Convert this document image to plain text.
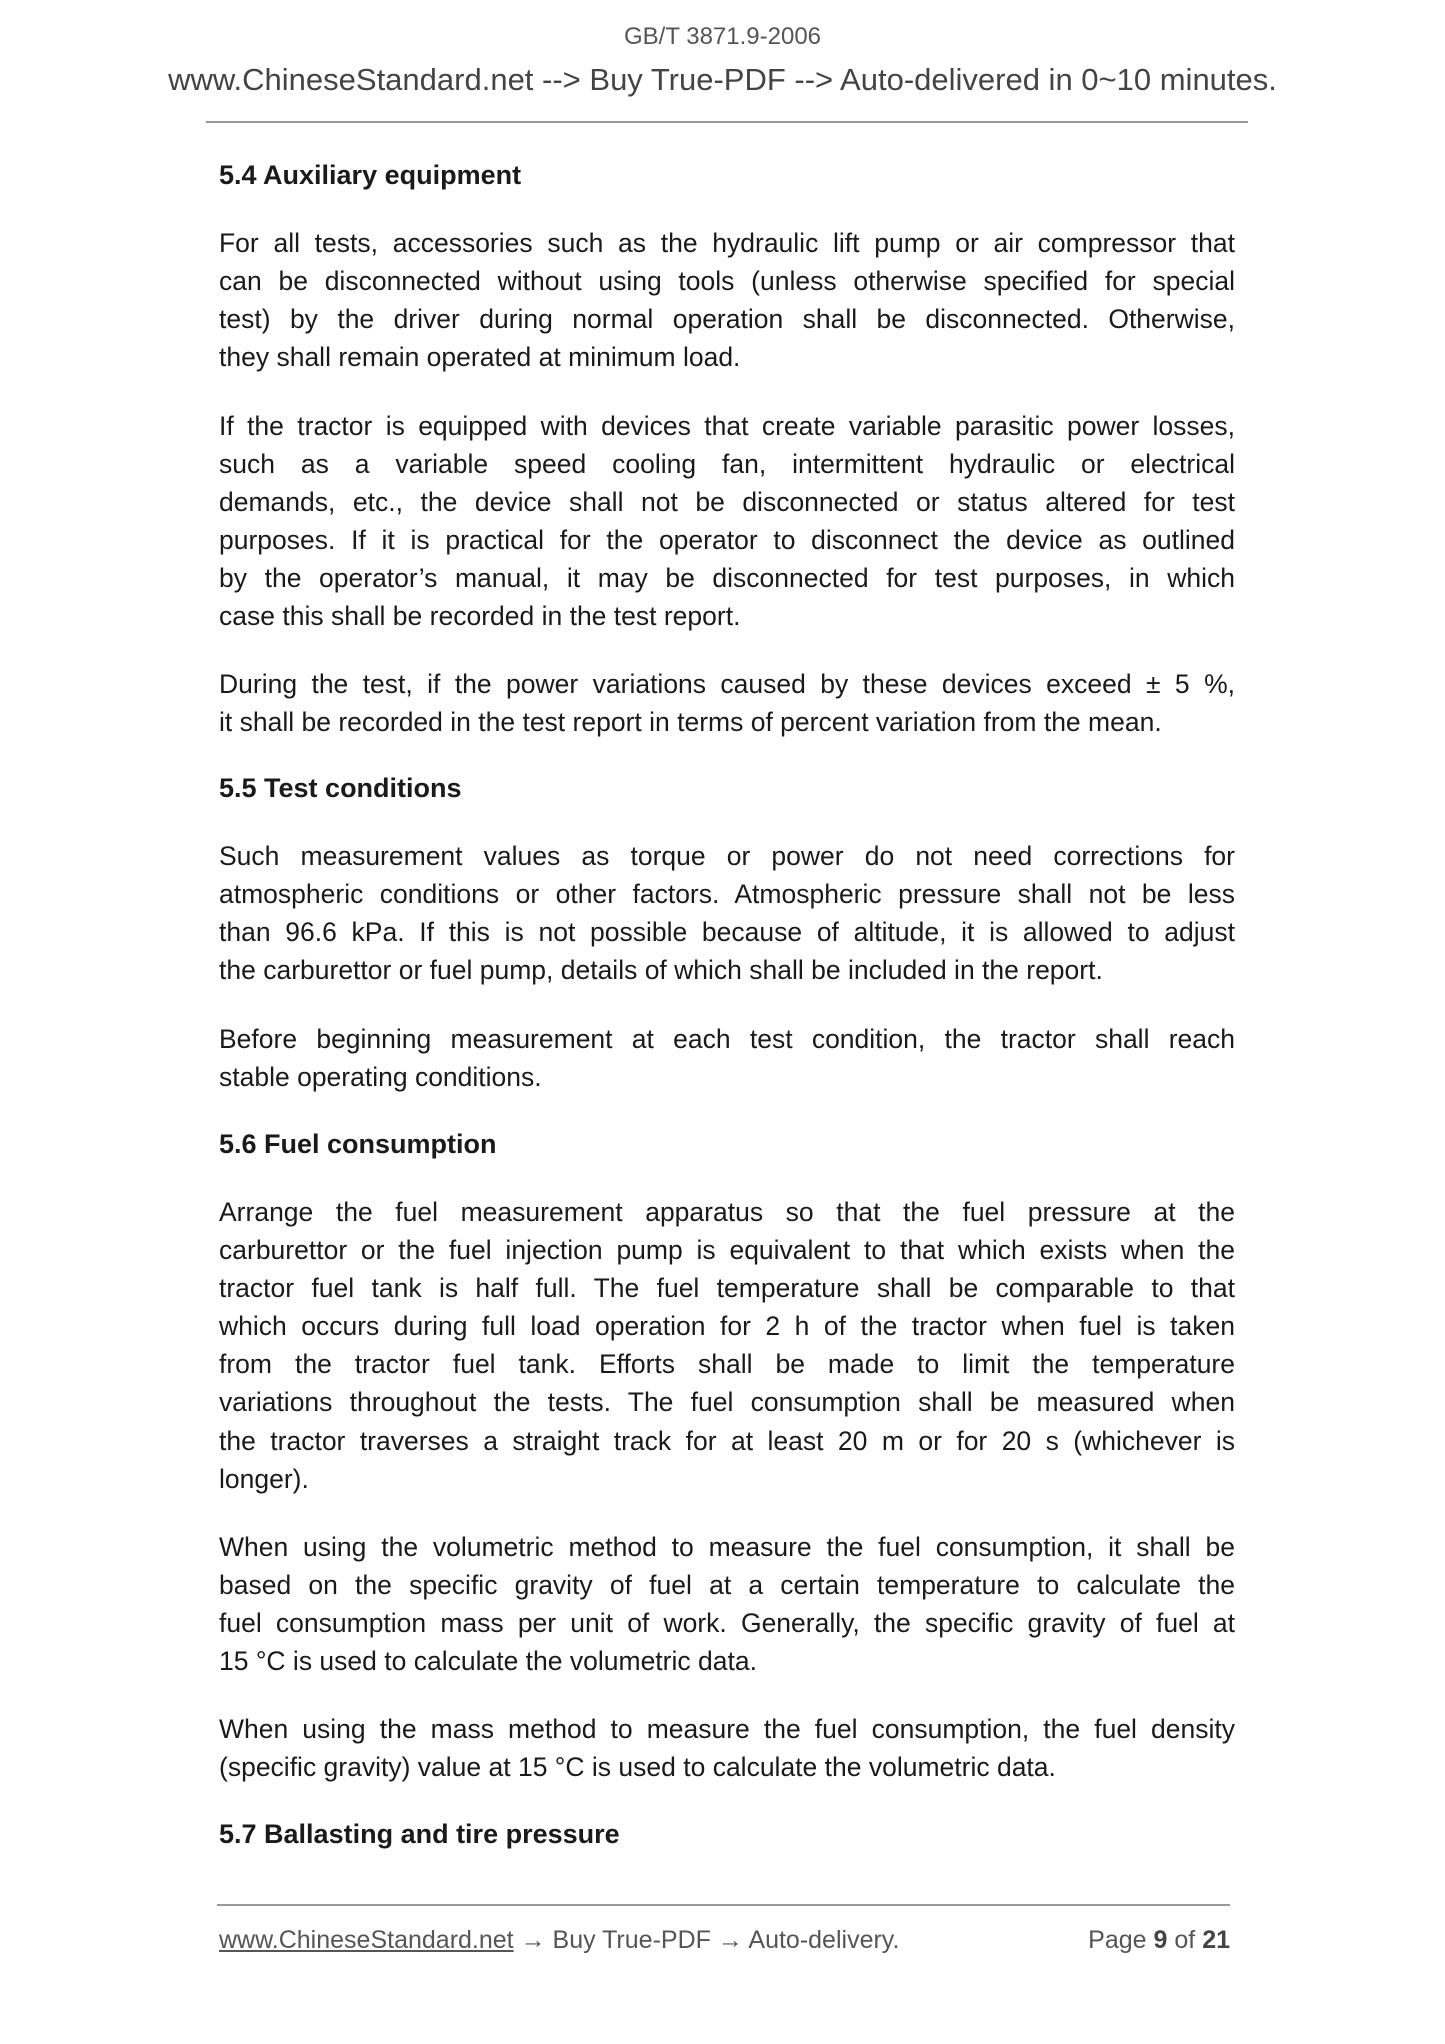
GB/T 3871.9-2006
www.ChineseStandard.net --> Buy True-PDF --> Auto-delivered in 0~10 minutes.
5.4 Auxiliary equipment
For all tests, accessories such as the hydraulic lift pump or air compressor that
can be disconnected without using tools (unless otherwise specified for special
test) by the driver during normal operation shall be disconnected. Otherwise,
they shall remain operated at minimum load.
If the tractor is equipped with devices that create variable parasitic power losses,
such as a variable speed cooling fan, intermittent hydraulic or electrical
demands, etc., the device shall not be disconnected or status altered for test
purposes. If it is practical for the operator to disconnect the device as outlined
by the operator’s manual, it may be disconnected for test purposes, in which
case this shall be recorded in the test report.
During the test, if the power variations caused by these devices exceed ± 5 %,
it shall be recorded in the test report in terms of percent variation from the mean.
5.5 Test conditions
Such measurement values as torque or power do not need corrections for
atmospheric conditions or other factors. Atmospheric pressure shall not be less
than 96.6 kPa. If this is not possible because of altitude, it is allowed to adjust
the carburettor or fuel pump, details of which shall be included in the report.
Before beginning measurement at each test condition, the tractor shall reach
stable operating conditions.
5.6 Fuel consumption
Arrange the fuel measurement apparatus so that the fuel pressure at the
carburettor or the fuel injection pump is equivalent to that which exists when the
tractor fuel tank is half full. The fuel temperature shall be comparable to that
which occurs during full load operation for 2 h of the tractor when fuel is taken
from the tractor fuel tank. Efforts shall be made to limit the temperature
variations throughout the tests. The fuel consumption shall be measured when
the tractor traverses a straight track for at least 20 m or for 20 s (whichever is
longer).
When using the volumetric method to measure the fuel consumption, it shall be
based on the specific gravity of fuel at a certain temperature to calculate the
fuel consumption mass per unit of work. Generally, the specific gravity of fuel at
15 °C is used to calculate the volumetric data.
When using the mass method to measure the fuel consumption, the fuel density
(specific gravity) value at 15 °C is used to calculate the volumetric data.
5.7 Ballasting and tire pressure
www.ChineseStandard.net → Buy True-PDF → Auto-delivery.	Page 9 of 21
